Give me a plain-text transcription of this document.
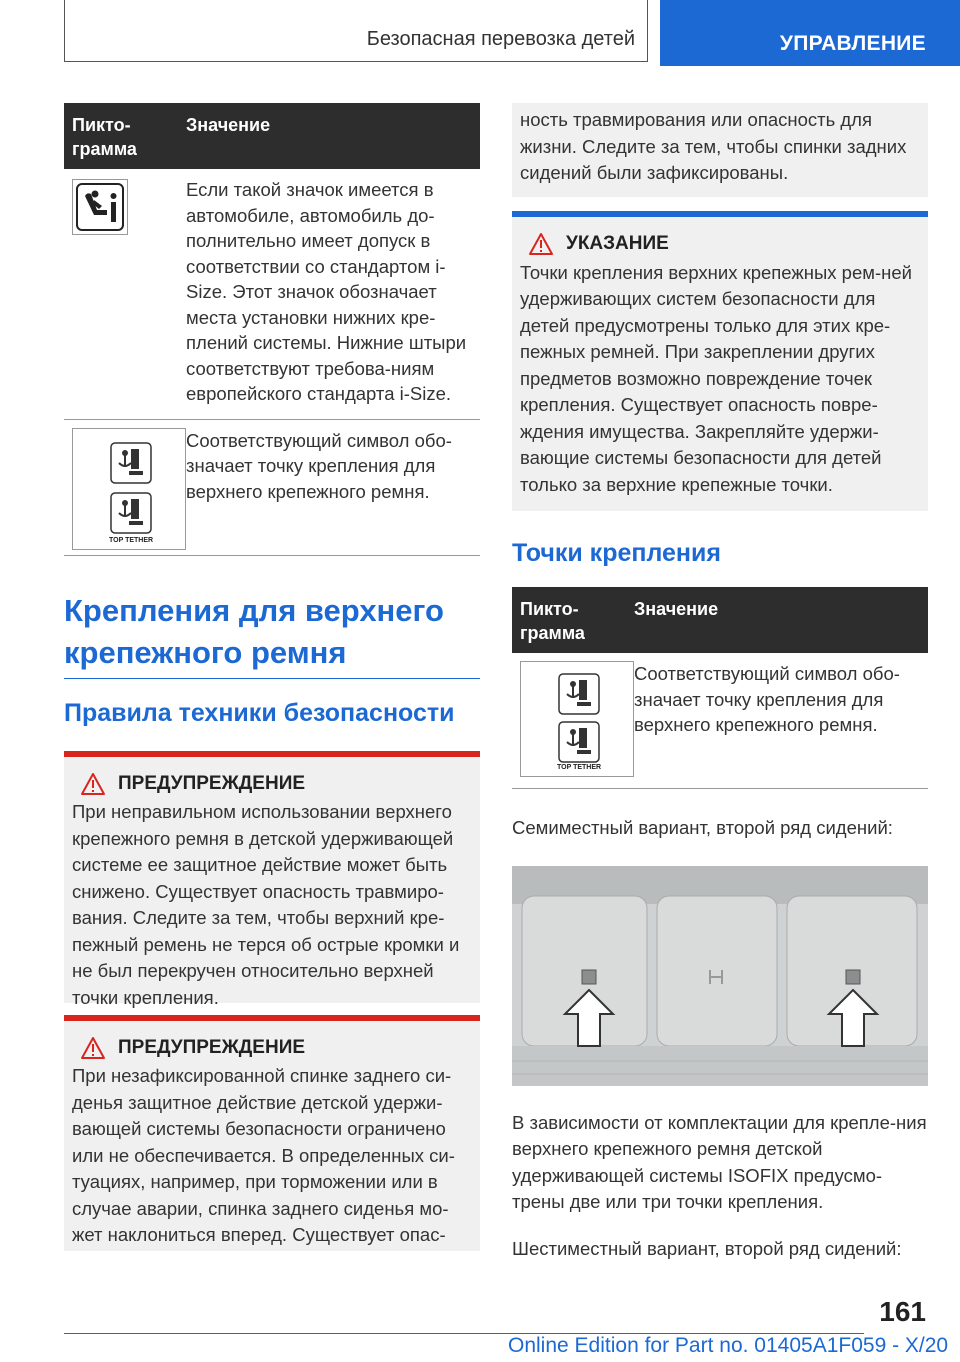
Безопасная перевозка детей	УПРАВЛЕНИЕ
Пикто-
грамма
Значение
Если такой значок имеется в автомобиле, автомобиль до-полнительно имеет допуск в соответствии со стандартом i-Size. Этот значок обозначает места установки нижних кре-плений системы. Нижние штыри соответствуют требова-ниям европейского стандарта i-Size.
TOP TETHER
Соответствующий символ обо-значает точку крепления для верхнего крепежного ремня.
Крепления для верхнего крепежного ремня
Правила техники безопасности
ПРЕДУПРЕЖДЕНИЕ
При неправильном использовании верхнего крепежного ремня в детской удерживающей системе ее защитное действие может быть снижено. Существует опасность травмиро-вания. Следите за тем, чтобы верхний кре-пежный ремень не терся об острые кромки и не был перекручен относительно верхней точки крепления.
ПРЕДУПРЕЖДЕНИЕ
При незафиксированной спинке заднего си-денья защитное действие детской удержи-вающей системы безопасности ограничено или не обеспечивается. В определенных си-туациях, например, при торможении или в случае аварии, спинка заднего сиденья мо-жет наклониться вперед. Существует опас-
ность травмирования или опасность для жизни. Следите за тем, чтобы спинки задних сидений были зафиксированы.
УКАЗАНИЕ
Точки крепления верхних крепежных рем-ней удерживающих систем безопасности для детей предусмотрены только для этих кре-пежных ремней. При закреплении других предметов возможно повреждение точек крепления. Существует опасность повре-ждения имущества. Закрепляйте удержи-вающие системы безопасности для детей только за верхние крепежные точки.
Точки крепления
Пикто-
грамма
Значение
TOP TETHER
Соответствующий символ обо-значает точку крепления для верхнего крепежного ремня.

Семиместный вариант, второй ряд сидений:

В зависимости от комплектации для крепле-ния верхнего крепежного ремня детской удерживающей системы ISOFIX предусмо-трены две или три точки крепления.

Шестиместный вариант, второй ряд сидений:

161
Online Edition for Part no. 01405A1F059 - X/20
